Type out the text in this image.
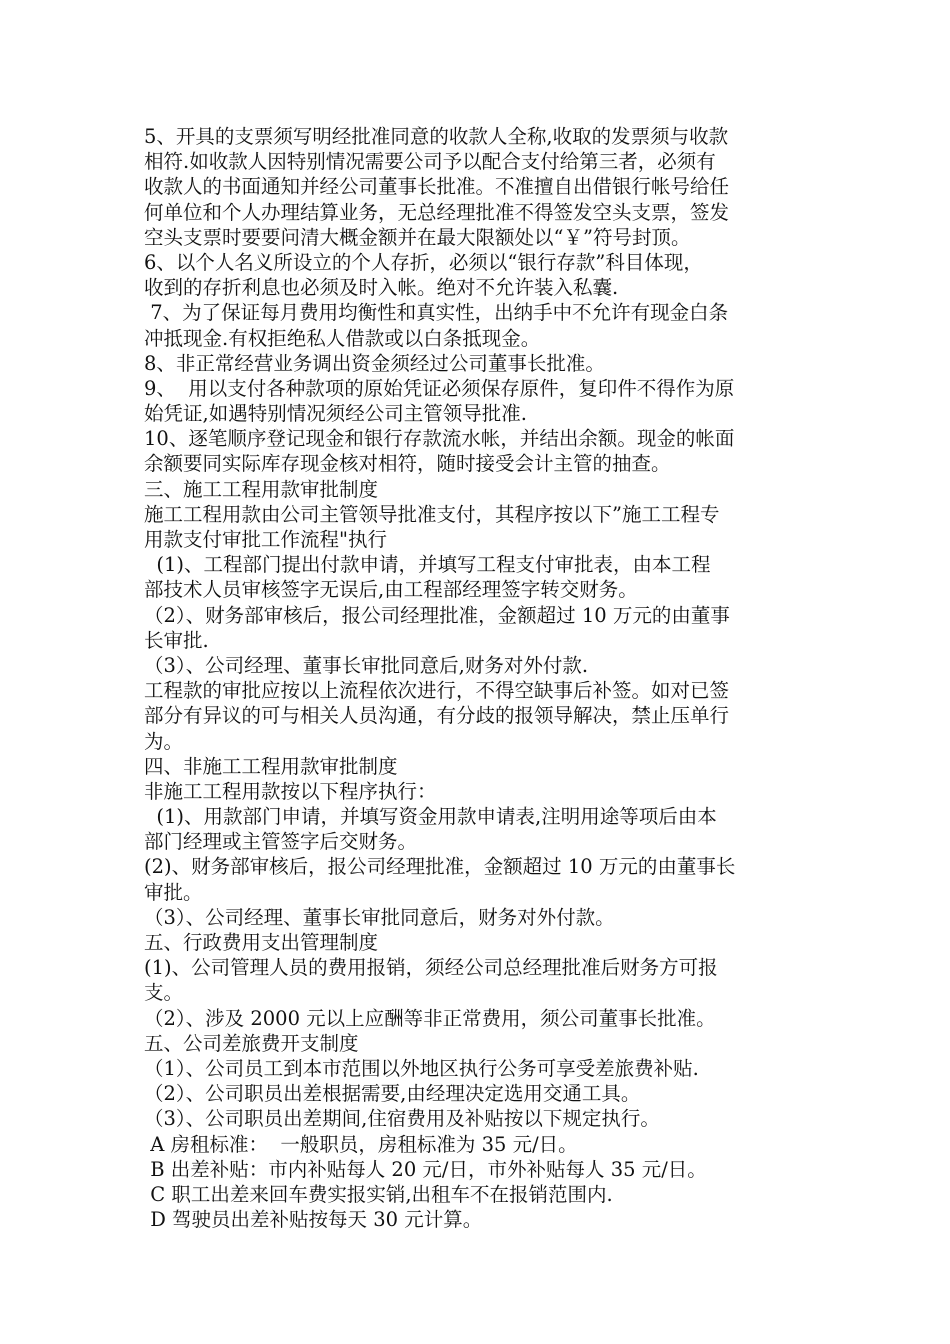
5、开具的支票须写明经批准同意的收款人全称,收取的发票须与收款
相符.如收款人因特别情况需要公司予以配合支付给第三者，必须有
收款人的书面通知并经公司董事长批准。不准擅自出借银行帐号给任
何单位和个人办理结算业务，无总经理批准不得签发空头支票，签发
空头支票时要要问清大概金额并在最大限额处以“￥”符号封顶。
6、以个人名义所设立的个人存折，必须以“银行存款”科目体现，
收到的存折利息也必须及时入帐。绝对不允许装入私囊.
7、为了保证每月费用均衡性和真实性，出纳手中不允许有现金白条
冲抵现金.有权拒绝私人借款或以白条抵现金。
8、非正常经营业务调出资金须经过公司董事长批准。
9、  用以支付各种款项的原始凭证必须保存原件，复印件不得作为原
始凭证,如遇特别情况须经公司主管领导批准.
10、逐笔顺序登记现金和银行存款流水帐，并结出余额。现金的帐面
余额要同实际库存现金核对相符，随时接受会计主管的抽查。
三、施工工程用款审批制度
施工工程用款由公司主管领导批准支付，其程序按以下”施工工程专
用款支付审批工作流程"执行
(1)、工程部门提出付款申请，并填写工程支付审批表，由本工程
部技术人员审核签字无误后,由工程部经理签字转交财务。
（2）、财务部审核后，报公司经理批准，金额超过 10 万元的由董事
长审批.
（3）、公司经理、董事长审批同意后,财务对外付款.
工程款的审批应按以上流程依次进行，不得空缺事后补签。如对已签
部分有异议的可与相关人员沟通，有分歧的报领导解决，禁止压单行
为。
四、非施工工程用款审批制度
非施工工程用款按以下程序执行：
(1)、用款部门申请，并填写资金用款申请表,注明用途等项后由本
部门经理或主管签字后交财务。
(2)、财务部审核后，报公司经理批准，金额超过 10 万元的由董事长
审批。
（3）、公司经理、董事长审批同意后，财务对外付款。
五、行政费用支出管理制度
(1)、公司管理人员的费用报销，须经公司总经理批准后财务方可报
支。
（2）、涉及 2000 元以上应酬等非正常费用，须公司董事长批准。
五、公司差旅费开支制度
（1）、公司员工到本市范围以外地区执行公务可享受差旅费补贴.
（2）、公司职员出差根据需要,由经理决定选用交通工具。
（3）、公司职员出差期间,住宿费用及补贴按以下规定执行。
A 房租标准：  一般职员，房租标准为 35 元/日。
B 出差补贴：市内补贴每人 20 元/日，市外补贴每人 35 元/日。
C 职工出差来回车费实报实销,出租车不在报销范围内.
D 驾驶员出差补贴按每天 30 元计算。
